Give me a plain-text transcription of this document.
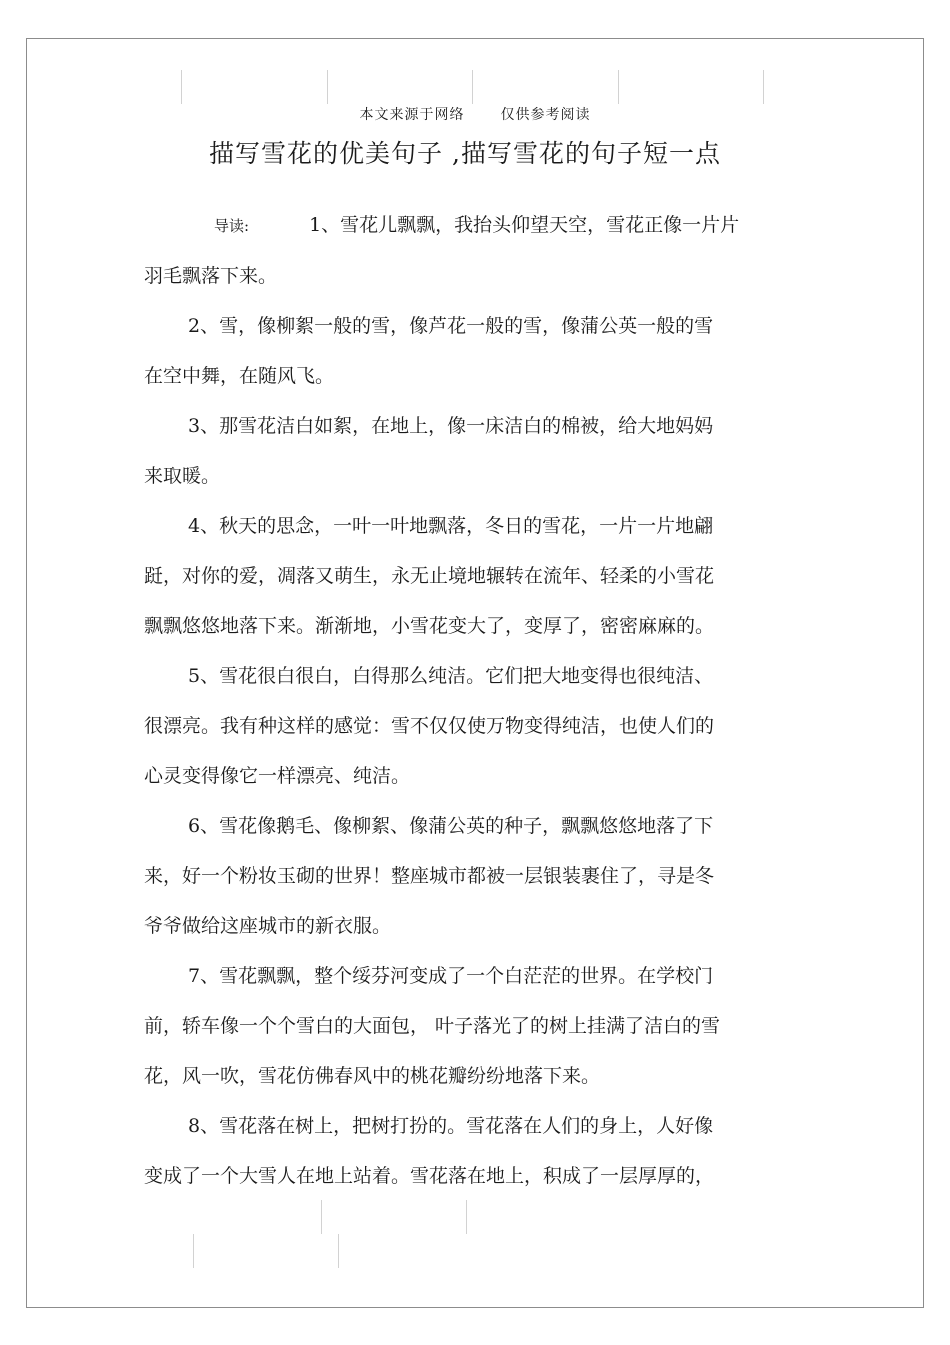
本文来源于网络	仅供参考阅读
描写雪花的优美句子 ,描写雪花的句子短一点

导读:	1、雪花儿飘飘，我抬头仰望天空，雪花正像一片片
羽毛飘落下来。

2、雪，像柳絮一般的雪，像芦花一般的雪，像蒲公英一般的雪
在空中舞，在随风飞。

3、那雪花洁白如絮，在地上，像一床洁白的棉被，给大地妈妈
来取暖。

4、秋天的思念，一叶一叶地飘落，冬日的雪花，一片一片地翩
跹，对你的爱，凋落又萌生，永无止境地辗转在流年、轻柔的小雪花
飘飘悠悠地落下来。渐渐地，小雪花变大了，变厚了，密密麻麻的。

5、雪花很白很白，白得那么纯洁。它们把大地变得也很纯洁、
很漂亮。我有种这样的感觉：雪不仅仅使万物变得纯洁，也使人们的
心灵变得像它一样漂亮、纯洁。

6、雪花像鹅毛、像柳絮、像蒲公英的种子，飘飘悠悠地落了下
来，好一个粉妆玉砌的世界！整座城市都被一层银装裹住了，寻是冬
爷爷做给这座城市的新衣服。

7、雪花飘飘，整个绥芬河变成了一个白茫茫的世界。在学校门
前，轿车像一个个雪白的大面包， 叶子落光了的树上挂满了洁白的雪
花，风一吹，雪花仿佛春风中的桃花瓣纷纷地落下来。

8、雪花落在树上，把树打扮的。雪花落在人们的身上，人好像
变成了一个大雪人在地上站着。雪花落在地上，积成了一层厚厚的，
